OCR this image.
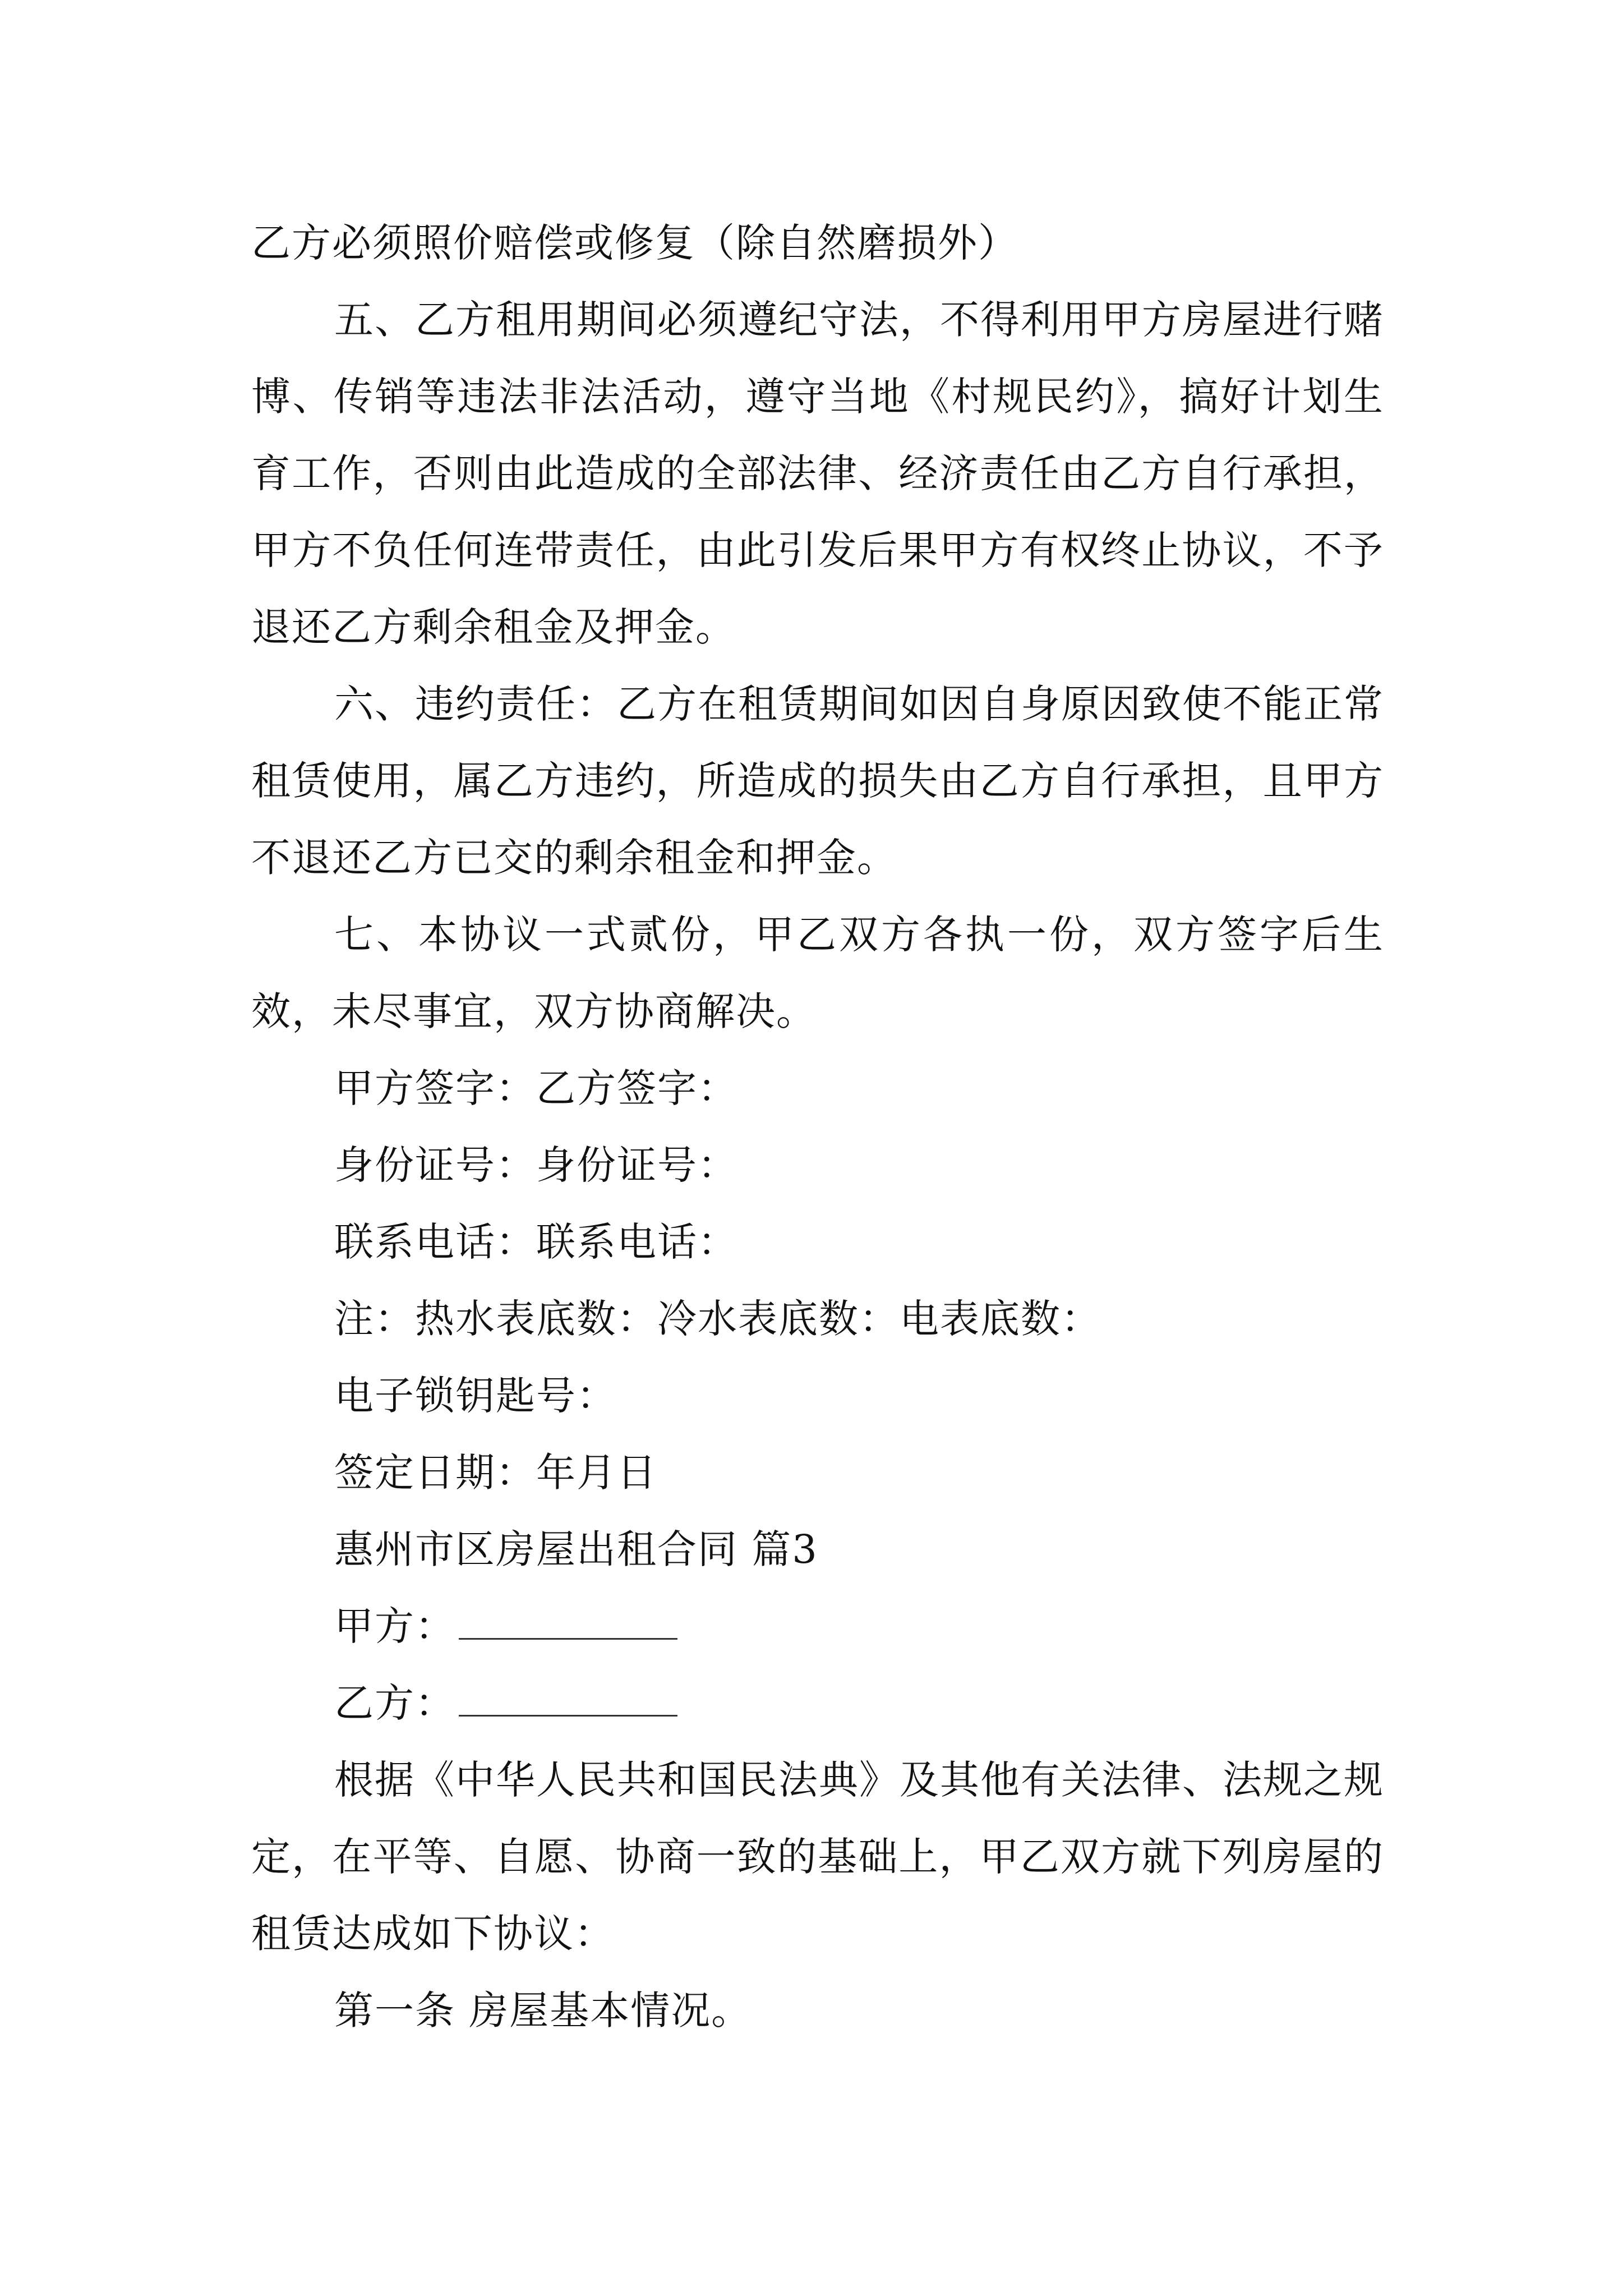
乙方必须照价赔偿或修复（除自然磨损外）

五、乙方租用期间必须遵纪守法，不得利用甲方房屋进行赌博、传销等违法非法活动，遵守当地《村规民约》，搞好计划生育工作，否则由此造成的全部法律、经济责任由乙方自行承担，甲方不负任何连带责任，由此引发后果甲方有权终止协议，不予退还乙方剩余租金及押金。

六、违约责任：乙方在租赁期间如因自身原因致使不能正常租赁使用，属乙方违约，所造成的损失由乙方自行承担，且甲方不退还乙方已交的剩余租金和押金。

七、本协议一式贰份，甲乙双方各执一份，双方签字后生效，未尽事宜，双方协商解决。

甲方签字：乙方签字：

身份证号：身份证号：

联系电话：联系电话：

注：热水表底数：冷水表底数：电表底数：

电子锁钥匙号：

签定日期：年月日

惠州市区房屋出租合同 篇3

甲方：

乙方：

根据《中华人民共和国民法典》及其他有关法律、法规之规定，在平等、自愿、协商一致的基础上，甲乙双方就下列房屋的租赁达成如下协议：

第一条 房屋基本情况。
